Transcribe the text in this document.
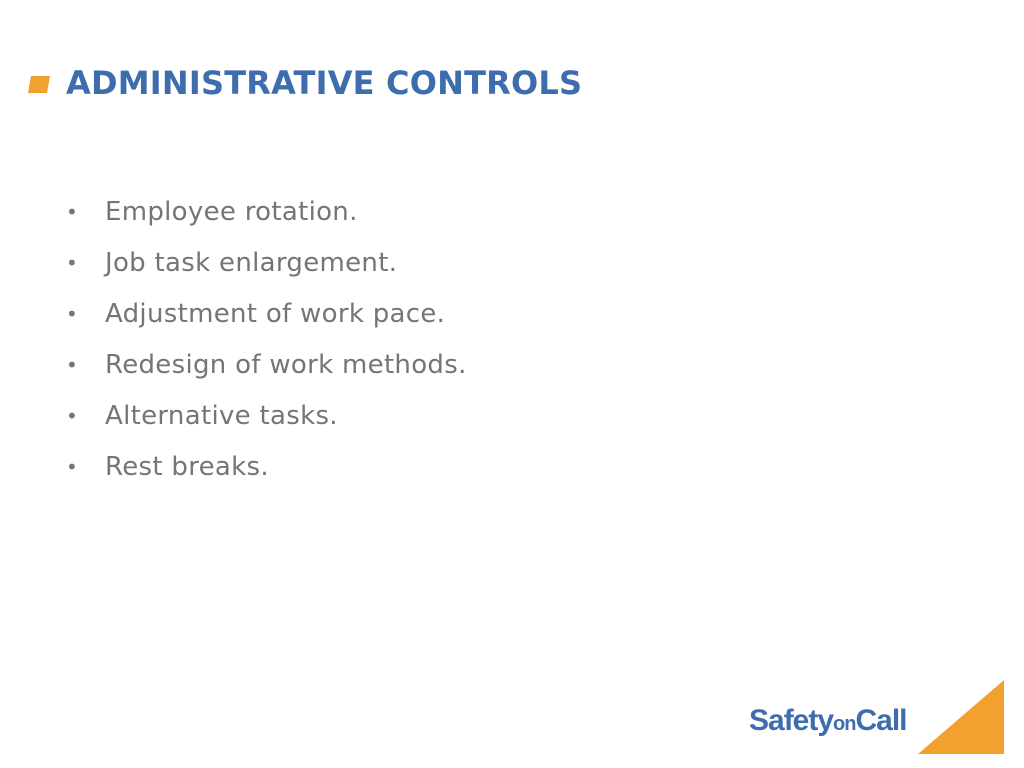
ADMINISTRATIVE CONTROLS
• Employee rotation.
• Job task enlargement.
• Adjustment of work pace.
• Redesign of work methods.
• Alternative tasks.
• Rest breaks.
SafetyonCall
